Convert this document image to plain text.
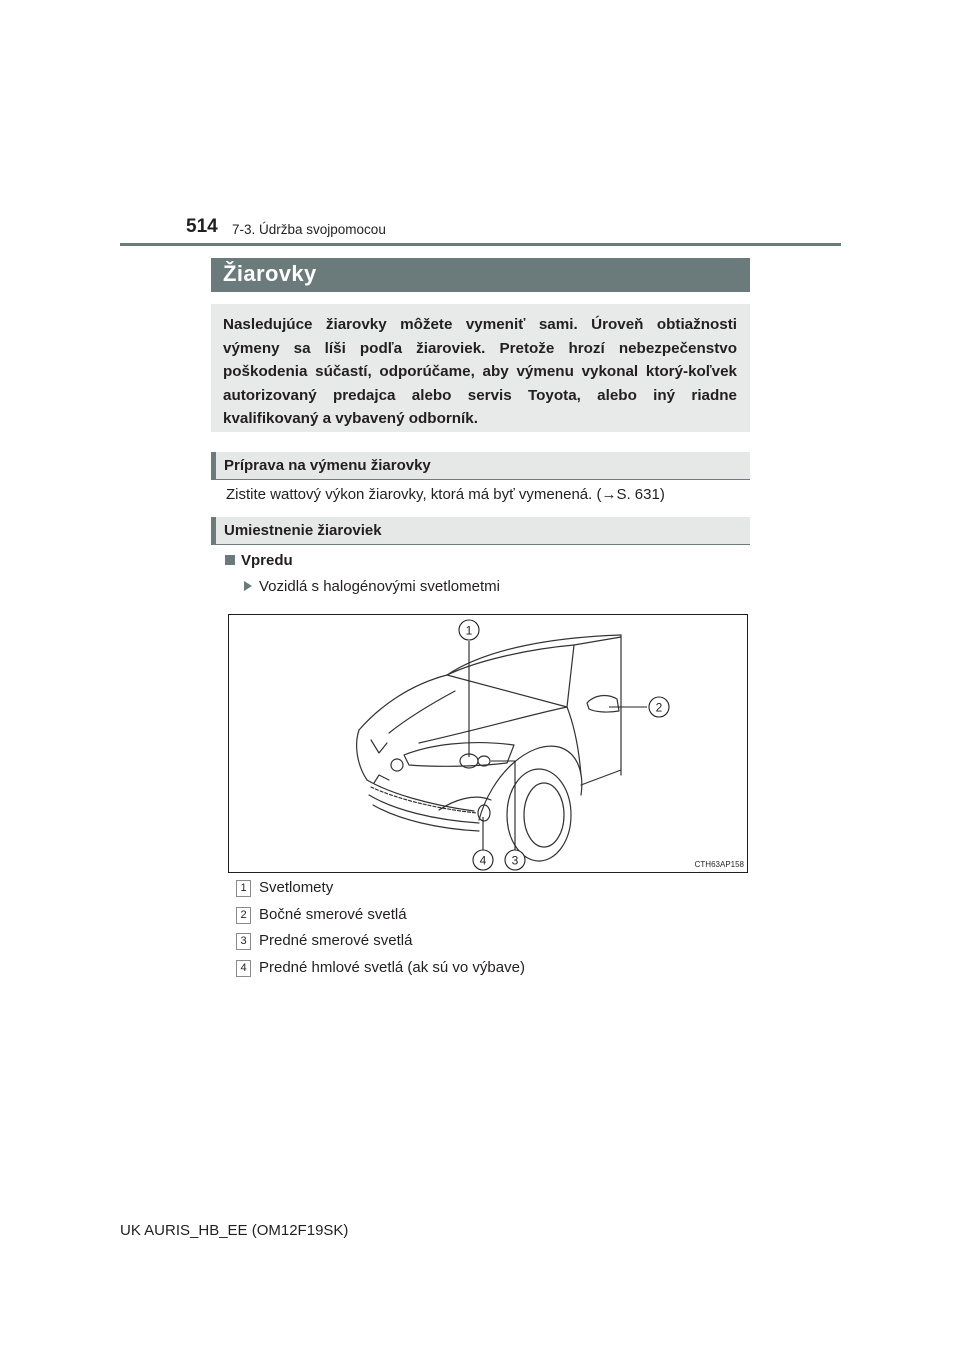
514 7-3. Údržba svojpomocou
Žiarovky

Nasledujúce žiarovky môžete vymeniť sami. Úroveň obtiažnosti výmeny sa líši podľa žiaroviek. Pretože hrozí nebezpečenstvo poškodenia súčastí, odporúčame, aby výmenu vykonal ktorý-koľvek autorizovaný predajca alebo servis Toyota, alebo iný riadne kvalifikovaný a vybavený odborník.

Príprava na výmenu žiarovky
Zistite wattový výkon žiarovky, ktorá má byť vymenená. (→S. 631)
Umiestnenie žiaroviek
Vpredu
Vozidlá s halogénovými svetlometmi
1
2
3
4	CTH63AP158
1 Svetlomety
2 Bočné smerové svetlá
3 Predné smerové svetlá
4 Predné hmlové svetlá (ak sú vo výbave)
UK AURIS_HB_EE (OM12F19SK)
